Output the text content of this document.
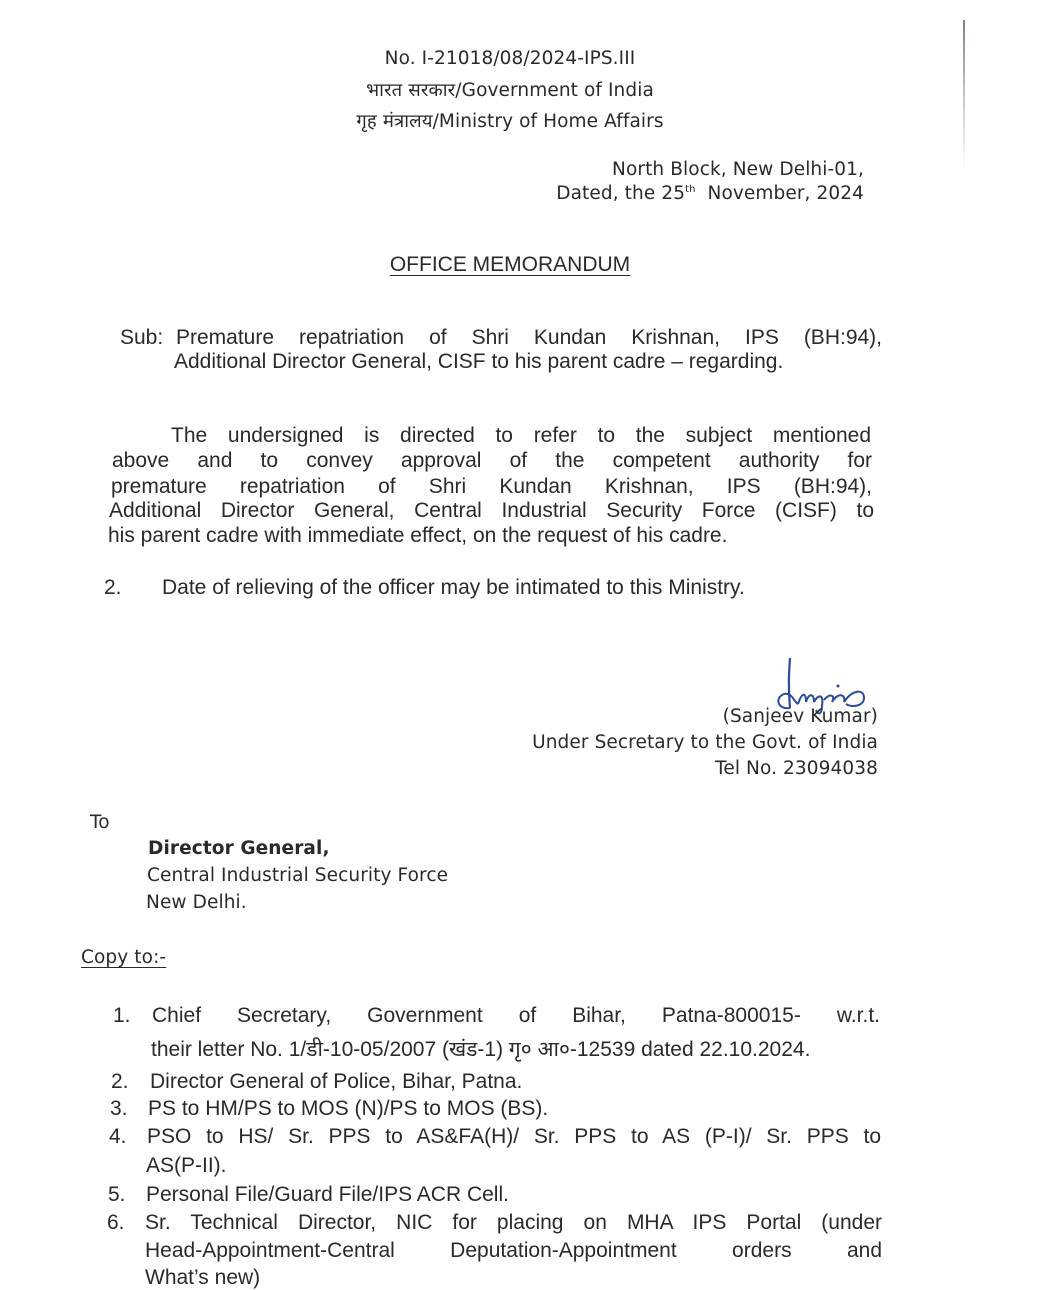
No. I-21018/08/2024-IPS.III
भारत सरकार/Government of India
गृह मंत्रालय/Ministry of Home Affairs
North Block, New Delhi-01,
Dated, the 25th November, 2024
OFFICE MEMORANDUM
Sub: Premature repatriation of Shri Kundan Krishnan, IPS (BH:94),
Additional Director General, CISF to his parent cadre – regarding.
The undersigned is directed to refer to the subject mentioned
above and to convey approval of the competent authority for
premature repatriation of Shri Kundan Krishnan, IPS (BH:94),
Additional Director General, Central Industrial Security Force (CISF) to
his parent cadre with immediate effect, on the request of his cadre.
2. Date of relieving of the officer may be intimated to this Ministry.
(Sanjeev Kumar)
Under Secretary to the Govt. of India
Tel No. 23094038
To
Director General,
Central Industrial Security Force
New Delhi.
Copy to:-
1. Chief Secretary, Government of Bihar, Patna-800015- w.r.t.
their letter No. 1/डी-10-05/2007 (खंड-1) गृ० आ०-12539 dated 22.10.2024.
2. Director General of Police, Bihar, Patna.
3. PS to HM/PS to MOS (N)/PS to MOS (BS).
4. PSO to HS/ Sr. PPS to AS&FA(H)/ Sr. PPS to AS (P-I)/ Sr. PPS to
AS(P-II).
5. Personal File/Guard File/IPS ACR Cell.
6. Sr. Technical Director, NIC for placing on MHA IPS Portal (under
Head-Appointment-Central Deputation-Appointment orders and
What’s new)
